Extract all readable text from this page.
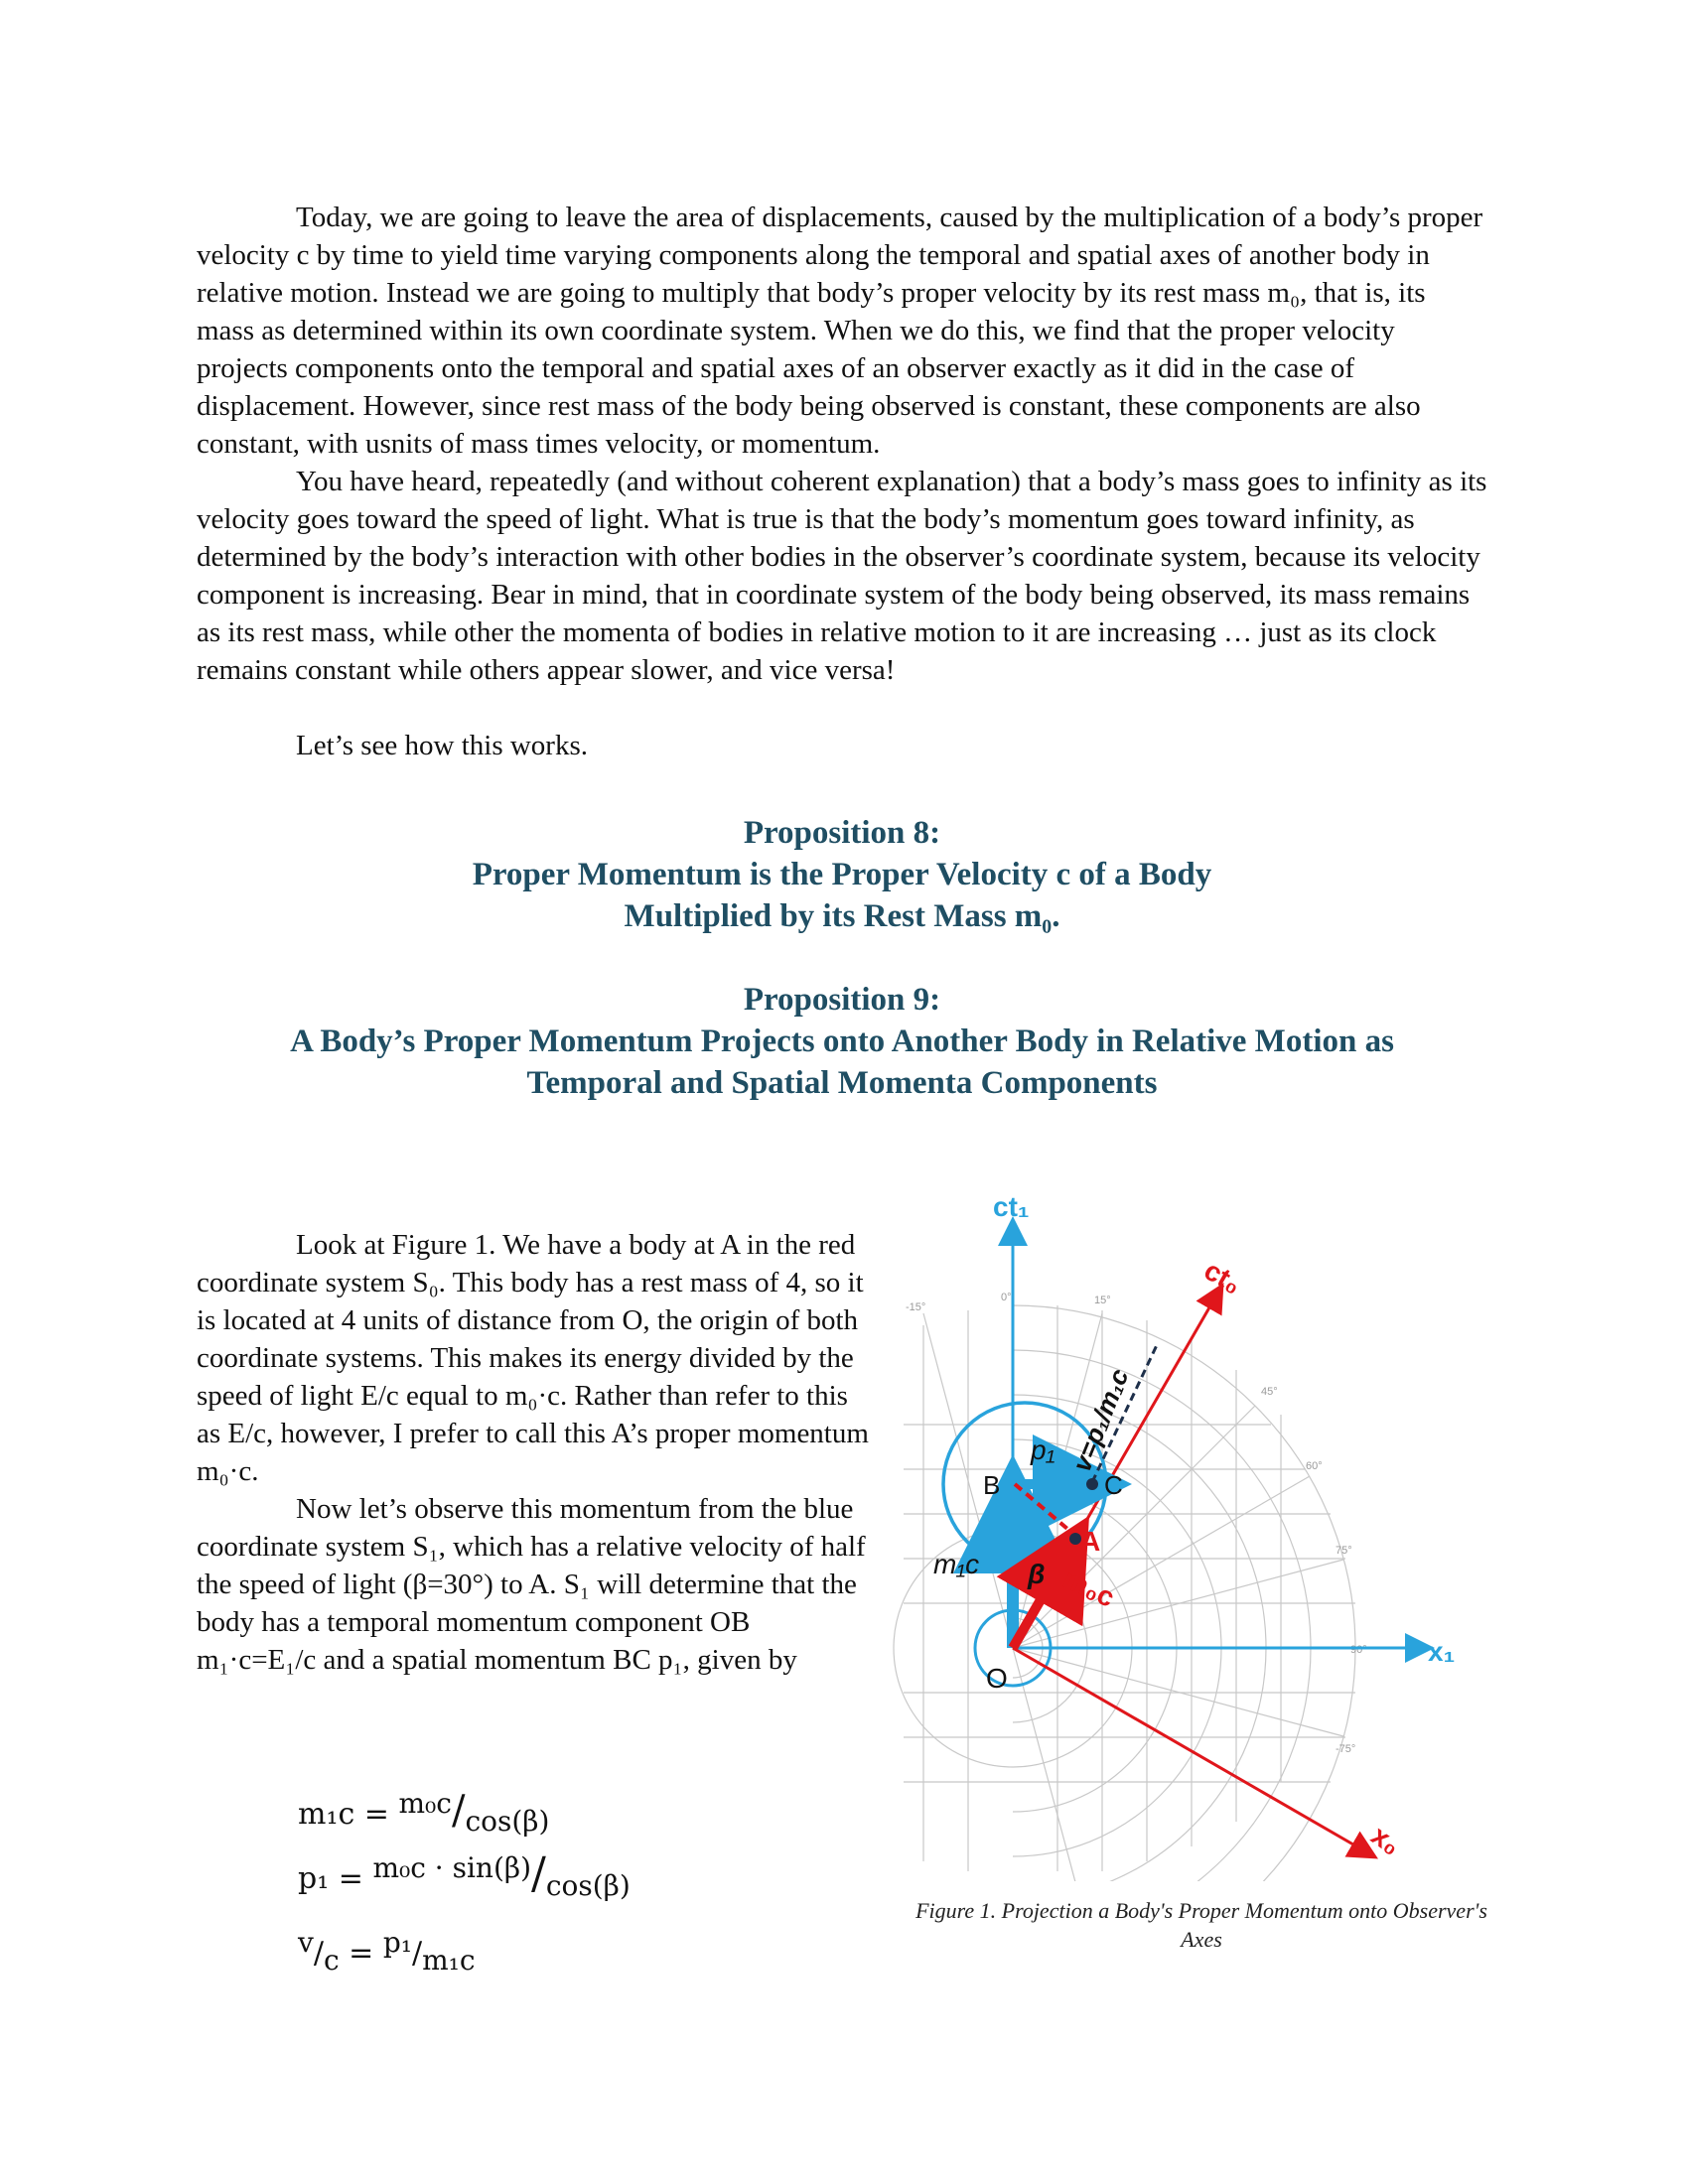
Today, we are going to leave the area of displacements, caused by the multiplication of a body’s proper velocity c by time to yield time varying components along the temporal and spatial axes of another body in relative motion. Instead we are going to multiply that body’s proper velocity by its rest mass m₀, that is, its mass as determined within its own coordinate system. When we do this, we find that the proper velocity projects components onto the temporal and spatial axes of an observer exactly as it did in the case of displacement. However, since rest mass of the body being observed is constant, these components are also constant, with usnits of mass times velocity, or momentum.

You have heard, repeatedly (and without coherent explanation) that a body’s mass goes to infinity as its velocity goes toward the speed of light. What is true is that the body’s momentum goes toward infinity, as determined by the body’s interaction with other bodies in the observer’s coordinate system, because its velocity component is increasing. Bear in mind, that in coordinate system of the body being observed, its mass remains as its rest mass, while other the momenta of bodies in relative motion to it are increasing … just as its clock remains constant while others appear slower, and vice versa!

Let’s see how this works.

Proposition 8:

Proper Momentum is the Proper Velocity c of a Body

Multiplied by its Rest Mass m₀.

Proposition 9:

A Body’s Proper Momentum Projects onto Another Body in Relative Motion as

Temporal and Spatial Momenta Components

Look at Figure 1. We have a body at A in the red coordinate system S₀. This body has a rest mass of 4, so it is located at 4 units of distance from O, the origin of both coordinate systems. This makes its energy divided by the speed of light E/c equal to m₀·c. Rather than refer to this as E/c, however, I prefer to call this A’s proper momentum m₀·c.

Now let’s observe this momentum from the blue coordinate system S₁, which has a relative velocity of half the speed of light (β=30°) to A. S₁ will determine that the body has a temporal momentum component OB m₁·c=E₁/c and a spatial momentum BC p₁, given by

$m_1c = ^{m_0c}/_{cos(\beta)}$
$p_1 = ^{m_0c \cdot sin(\beta)}/_{cos(\beta)}$
$^v/_c = ^{p_1}/_{m_1c}$
-15°
0°	15°
45°
60°
75°
90°
-75°
ct₁
x₁
ct₀
x₀
O
A
B	C
p₁
m₁c β m₀c
v=p₁/m₁c
Figure 1. Projection a Body's Proper Momentum onto Observer's Axes
